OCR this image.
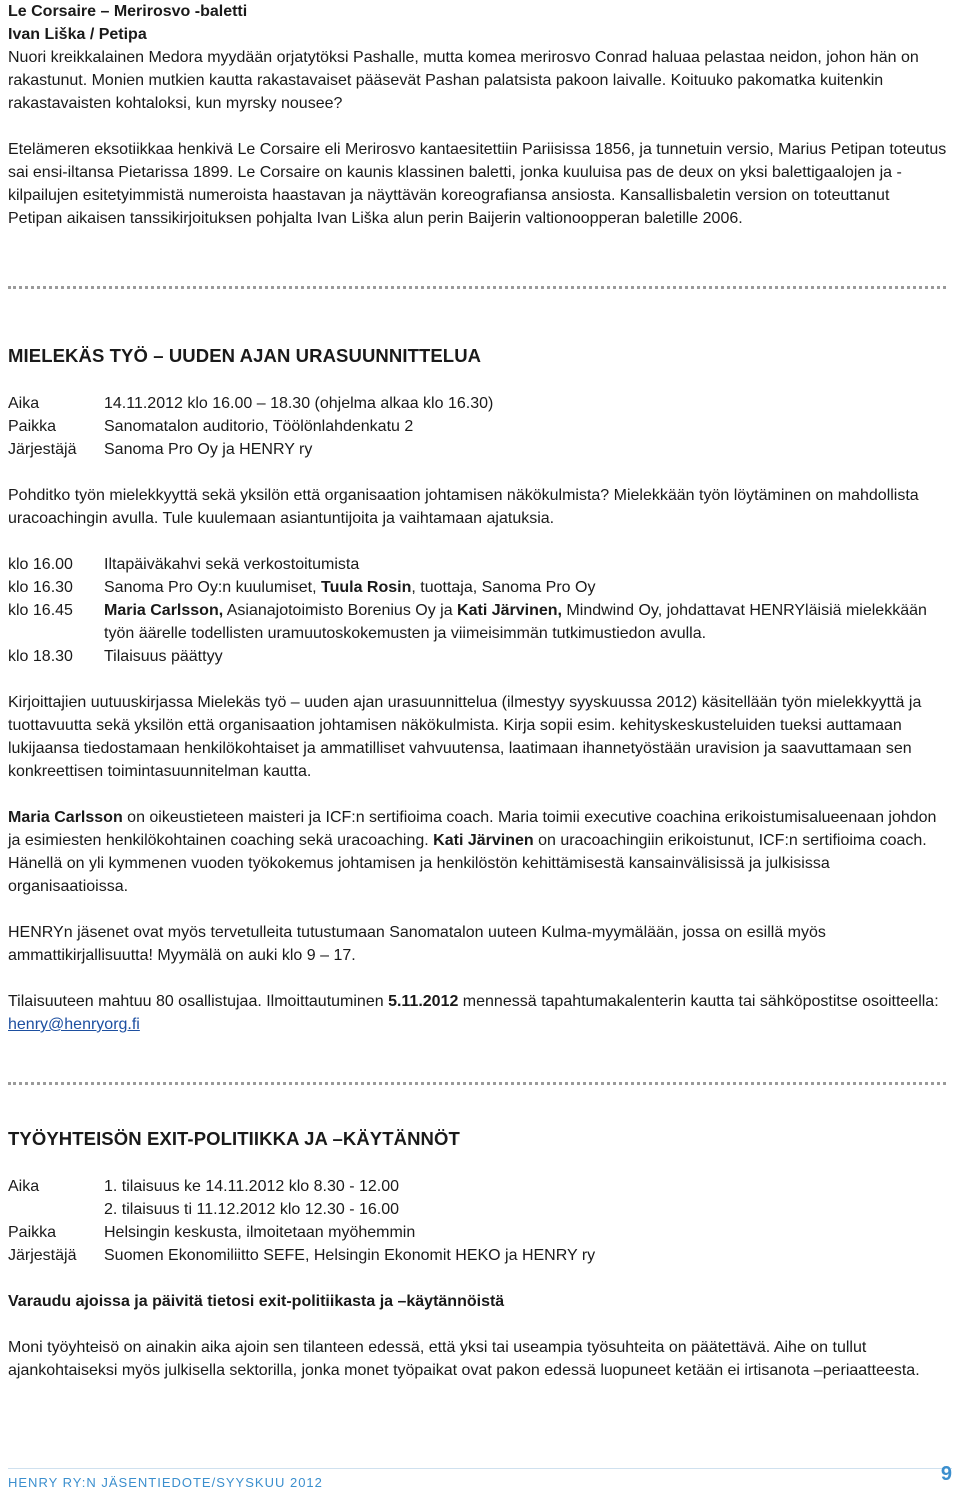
Le Corsaire – Merirosvo -baletti

Ivan Liška / Petipa

Nuori kreikkalainen Medora myydään orjatytöksi Pashalle, mutta komea merirosvo Conrad haluaa pelastaa neidon, johon hän on rakastunut. Monien mutkien kautta rakastavaiset pääsevät Pashan palatsista pakoon laivalle. Koituuko pakomatka kuitenkin rakastavaisten kohtaloksi, kun myrsky nousee?

Etelämeren eksotiikkaa henkivä Le Corsaire eli Merirosvo kantaesitettiin Pariisissa 1856, ja tunnetuin versio, Marius Petipan toteutus sai ensi-iltansa Pietarissa 1899. Le Corsaire on kaunis klassinen baletti, jonka kuuluisa pas de deux on yksi balettigaalojen ja -kilpailujen esitetyimmistä numeroista haastavan ja näyttävän koreografiansa ansiosta. Kansallisbaletin version on toteuttanut Petipan aikaisen tanssikirjoituksen pohjalta Ivan Liška alun perin Baijerin valtionoopperan baletille 2006.

MIELEKÄS TYÖ – UUDEN AJAN URASUUNNITTELUA

Aika	14.11.2012 klo 16.00 – 18.30 (ohjelma alkaa klo 16.30)
Paikka	Sanomatalon auditorio, Töölönlahdenkatu 2
Järjestäjä	Sanoma Pro Oy ja HENRY ry

Pohditko työn mielekkyyttä sekä yksilön että organisaation johtamisen näkökulmista? Mielekkään työn löytäminen on mahdollista uracoachingin avulla. Tule kuulemaan asiantuntijoita ja vaihtamaan ajatuksia.

klo 16.00	Iltapäiväkahvi sekä verkostoitumista
klo 16.30	Sanoma Pro Oy:n kuulumiset, Tuula Rosin, tuottaja, Sanoma Pro Oy
klo 16.45	Maria Carlsson, Asianajotoimisto Borenius Oy ja Kati Järvinen, Mindwind Oy, johdattavat HENRYläisiä mielekkään työn äärelle todellisten uramuutoskokemusten ja viimeisimmän tutkimustiedon avulla.
klo 18.30	Tilaisuus päättyy

Kirjoittajien uutuuskirjassa Mielekäs työ – uuden ajan urasuunnittelua (ilmestyy syyskuussa 2012) käsitellään työn mielekkyyttä ja tuottavuutta sekä yksilön että organisaation johtamisen näkökulmista. Kirja sopii esim. kehityskeskusteluiden tueksi auttamaan lukijaansa tiedostamaan henkilökohtaiset ja ammatilliset vahvuutensa, laatimaan ihannetyöstään uravision ja saavuttamaan sen konkreettisen toimintasuunnitelman kautta.

Maria Carlsson on oikeustieteen maisteri ja ICF:n sertifioima coach. Maria toimii executive coachina erikoistumisalueenaan johdon ja esimiesten henkilökohtainen coaching sekä uracoaching. Kati Järvinen on uracoachingiin erikoistunut, ICF:n sertifioima coach. Hänellä on yli kymmenen vuoden työkokemus johtamisen ja henkilöstön kehittämisestä kansainvälisissä ja julkisissa organisaatioissa.

HENRYn jäsenet ovat myös tervetulleita tutustumaan Sanomatalon uuteen Kulma-myymälään, jossa on esillä myös ammattikirjallisuutta! Myymälä on auki klo 9 – 17.

Tilaisuuteen mahtuu 80 osallistujaa. Ilmoittautuminen 5.11.2012 mennessä tapahtumakalenterin kautta tai sähköpostitse osoitteella: henry@henryorg.fi

TYÖYHTEISÖN EXIT-POLITIIKKA JA –KÄYTÄNNÖT

Aika	1. tilaisuus ke 14.11.2012 klo 8.30 - 12.00
2. tilaisuus ti 11.12.2012 klo 12.30 - 16.00
Paikka	Helsingin keskusta, ilmoitetaan myöhemmin
Järjestäjä	Suomen Ekonomiliitto SEFE, Helsingin Ekonomit HEKO ja HENRY ry

Varaudu ajoissa ja päivitä tietosi exit-politiikasta ja –käytännöistä

Moni työyhteisö on ainakin aika ajoin sen tilanteen edessä, että yksi tai useampia työsuhteita on päätettävä. Aihe on tullut ajankohtaiseksi myös julkisella sektorilla, jonka monet työpaikat ovat pakon edessä luopuneet ketään ei irtisanota –periaatteesta.

HENRY RY:N JÄSENTIEDOTE/SYYSKUU 2012	9
